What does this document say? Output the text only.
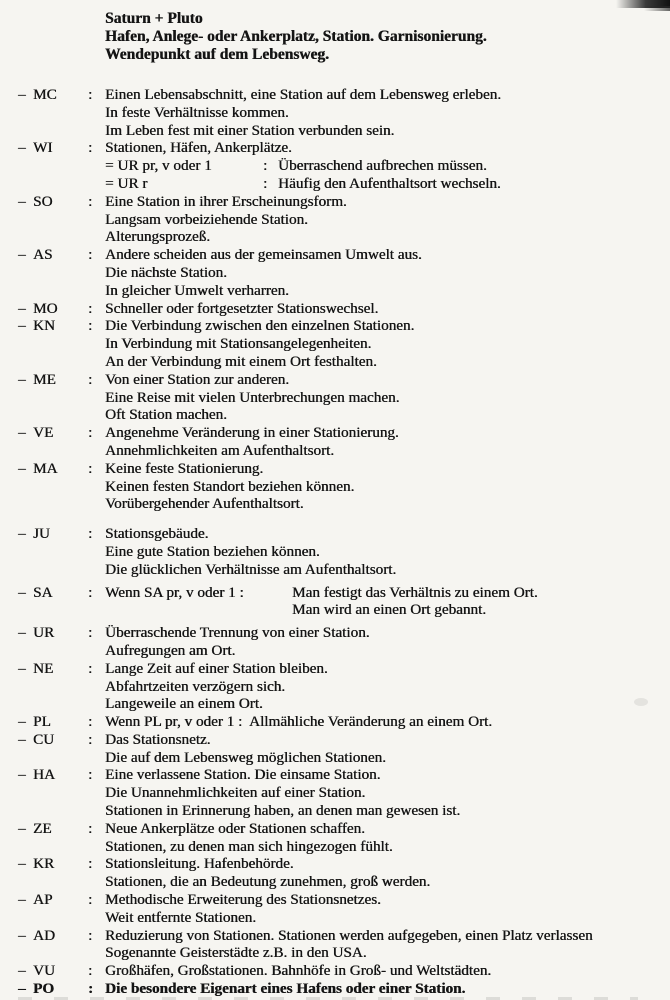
Saturn + Pluto
Hafen, Anlege- oder Ankerplatz, Station. Garnisonierung.
Wendepunkt auf dem Lebensweg.
– MC : Einen Lebensabschnitt, eine Station auf dem Lebensweg erleben.
In feste Verhältnisse kommen.
Im Leben fest mit einer Station verbunden sein.
– WI : Stationen, Häfen, Ankerplätze.
= UR pr, v oder 1	: Überraschend aufbrechen müssen.
= UR r	: Häufig den Aufenthaltsort wechseln.
– SO : Eine Station in ihrer Erscheinungsform.
Langsam vorbeiziehende Station.
Alterungsprozeß.
– AS : Andere scheiden aus der gemeinsamen Umwelt aus.
Die nächste Station.
In gleicher Umwelt verharren.
– MO : Schneller oder fortgesetzter Stationswechsel.
– KN : Die Verbindung zwischen den einzelnen Stationen.
In Verbindung mit Stationsangelegenheiten.
An der Verbindung mit einem Ort festhalten.
– ME : Von einer Station zur anderen.
Eine Reise mit vielen Unterbrechungen machen.
Oft Station machen.
– VE : Angenehme Veränderung in einer Stationierung.
Annehmlichkeiten am Aufenthaltsort.
– MA : Keine feste Stationierung.
Keinen festen Standort beziehen können.
Vorübergehender Aufenthaltsort.
– JU	: Stationsgebäude.
Eine gute Station beziehen können.
Die glücklichen Verhältnisse am Aufenthaltsort.
– SA : Wenn SA pr, v oder 1 :	Man festigt das Verhältnis zu einem Ort.
Man wird an einen Ort gebannt.
– UR : Überraschende Trennung von einer Station.
Aufregungen am Ort.
– NE : Lange Zeit auf einer Station bleiben.
Abfahrtzeiten verzögern sich.
Langeweile an einem Ort.
– PL : Wenn PL pr, v oder 1 :  Allmähliche Veränderung an einem Ort.
– CU : Das Stationsnetz.
Die auf dem Lebensweg möglichen Stationen.
– HA : Eine verlassene Station. Die einsame Station.
Die Unannehmlichkeiten auf einer Station.
Stationen in Erinnerung haben, an denen man gewesen ist.
– ZE : Neue Ankerplätze oder Stationen schaffen.
Stationen, zu denen man sich hingezogen fühlt.
– KR : Stationsleitung. Hafenbehörde.
Stationen, die an Bedeutung zunehmen, groß werden.
– AP : Methodische Erweiterung des Stationsnetzes.
Weit entfernte Stationen.
– AD : Reduzierung von Stationen. Stationen werden aufgegeben, einen Platz verlassen
Sogenannte Geisterstädte z.B. in den USA.
– VU : Großhäfen, Großstationen. Bahnhöfe in Groß- und Weltstädten.
– PO : Die besondere Eigenart eines Hafens oder einer Station.
